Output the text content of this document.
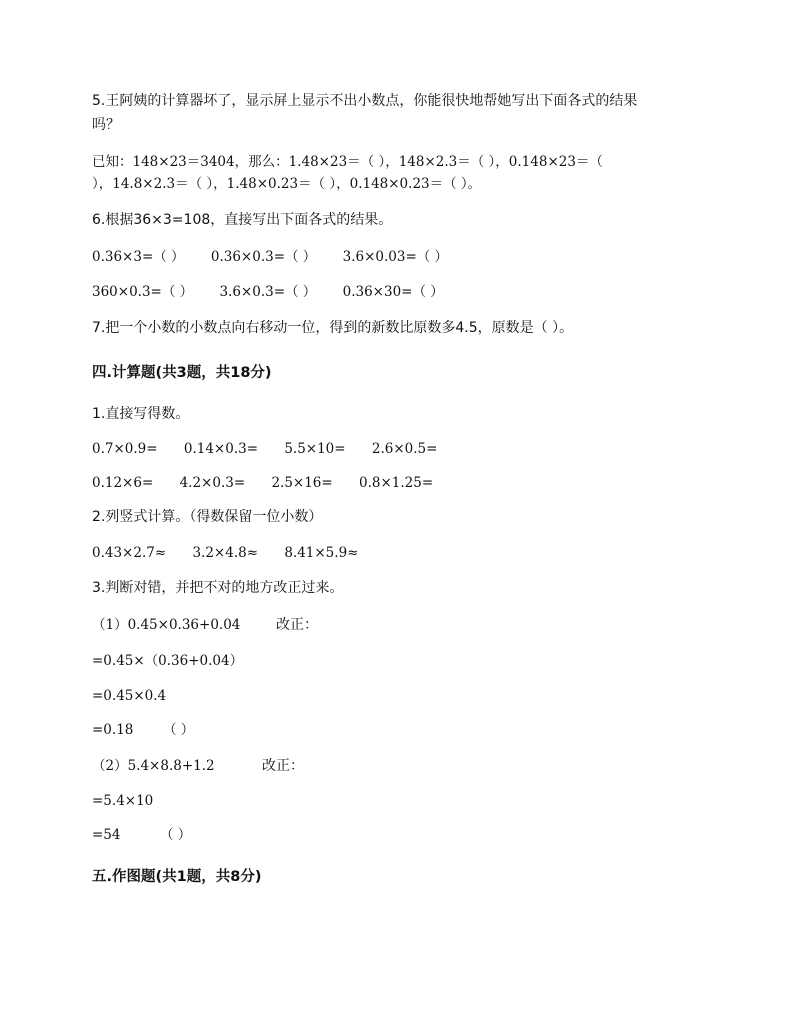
5.王阿姨的计算器坏了，显示屏上显示不出小数点，你能很快地帮她写出下面各式的结果
吗？
已知：148×23＝3404，那么：1.48×23＝（ ），148×2.3＝（ ），0.148×23＝（
），14.8×2.3＝（ ），1.48×0.23＝（ ），0.148×0.23＝（ ）。
6.根据36×3=108，直接写出下面各式的结果。
0.36×3=（ ） 0.36×0.3=（ ） 3.6×0.03=（ ）
360×0.3=（ ） 3.6×0.3=（ ） 0.36×30=（ ）
7.把一个小数的小数点向右移动一位，得到的新数比原数多4.5，原数是（ ）。
四.计算题(共3题，共18分)
1.直接写得数。
0.7×0.9= 0.14×0.3= 5.5×10= 2.6×0.5=
0.12×6= 4.2×0.3= 2.5×16= 0.8×1.25=
2.列竖式计算。（得数保留一位小数）
0.43×2.7≈ 3.2×4.8≈ 8.41×5.9≈
3.判断对错，并把不对的地方改正过来。
（1）0.45×0.36+0.04	改正：
=0.45×（0.36+0.04）
=0.45×0.4
=0.18 （ ）
（2）5.4×8.8+1.2	改正：
=5.4×10
=54	（ ）
五.作图题(共1题，共8分)
